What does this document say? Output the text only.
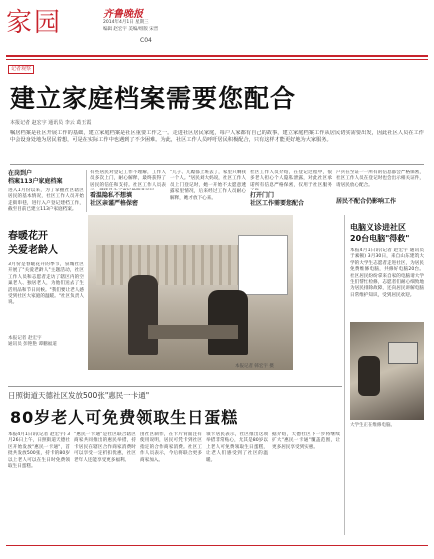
家园	齐鲁晚报
2014年4月1日 星期三
编辑 赵宏宇 美编/组版 宋晋
C04
记者观察
建立家庭档案需要您配合
本报记者 赵宏宇 通讯员 李云 葛玉霞
嘱居档案是社区开展工作的基础，建立家庭档案是社区重要工作之一。走进社区居民家庭，每户人家都有自己的故事，建立家庭档案工作从居民切实需要出发，因此社区人员在工作中会设身处地为居民着想，可是在实际工作中也遇到了不少困难。为此，社区工作人员呼吁居民积极配合，只有这样才能更好地为大家服务。
在岗到户
档案113户家庭档案
进入1月份以来，为了掌握社区辖区居民的基本情况，社区工作人员开始走街串巷，进行入户登记建档工作，截至目前已建立113户家庭档案。
有些居民对登记工作不理解，工作人员多次上门，耐心解释，最终获得了居民的信任和支持。社区工作人员表
看温隐私不想填
社区亲谨严格保密
"儿子、儿媳都上班去了，家里只剩我一个人。"居民刘大妈说，社区工作人员上门登记时，她一开始不太愿意透露家里情况，后来经过工作人员耐心解释，她才放下心来。
社区工作人员介绍，在登记过程中，很多老人担心个人隐私泄露，对此社区承诺所有信息严格保密，仅用于社区服务
打开门门
社区工作需要您配合
户兵在至证一一所有的信息都会严格保密，社区工作人员在登记时也会出示相关证件，请居民放心配合。
居民不配合仍影响工作
春暖花开
关爱老龄人
3月份是春暖花开的季节，泉城社区开展了"关爱老龄人"主题活动，社区工作人员和志愿者走访了辖区内的空巢老人、独居老人，为他们送去了生活用品和节日问候。"我们要让老人感受到社区大家庭的温暖。"社区负责人说。
本报记者 赵宏宇
通讯员 彭艳艳 谭鹏福道
本报记者 韩宏宇 摄
电脑义诊进社区
20台电脑"得救"
本报4月1日讯(记者 赵宏宇 通讯员 于素顿) 3月30日，来自山东建筑大学的大学生志愿者走进社区，为居民免费维修电脑，共修好电脑20台。社区居民纷纷拿来自家的电脑请大学生们帮忙检修，志愿者们耐心细致地为居民排除故障，还向居民讲解电脑日常维护知识，受到居民欢迎。
大学生正在维修电脑。
日照街道天德社区发放500张"惠民一卡通"
80岁老人可免费领取生日蛋糕
本报4月1日讯(记者 赵宏宇) 3月26日上午，日照街道天德社区开始发放"惠民一卡通"，首批共发放500张，持卡的80岁以上老人可以在生日时免费领取生日蛋糕。
"惠民一卡通"是社区联合辖区商家共同推出的惠民举措，持卡居民在辖区合作商家消费时可以享受一定折扣优惠，社区老年人还能享受更多福利。
由社区制作，在卡片背面注有使用说明，居民可凭卡到社区指定的合作商家消费。社区工作人员表示，今后将联合更多商家加入。
领卡居民表示，社区推出这项举措非常贴心，尤其是80岁以上老人可免费领取生日蛋糕，让老人们感受到了社区的温暖。
据介绍，天德社区下一步将继续扩大"惠民一卡通"覆盖范围，让更多居民享受到实惠。
